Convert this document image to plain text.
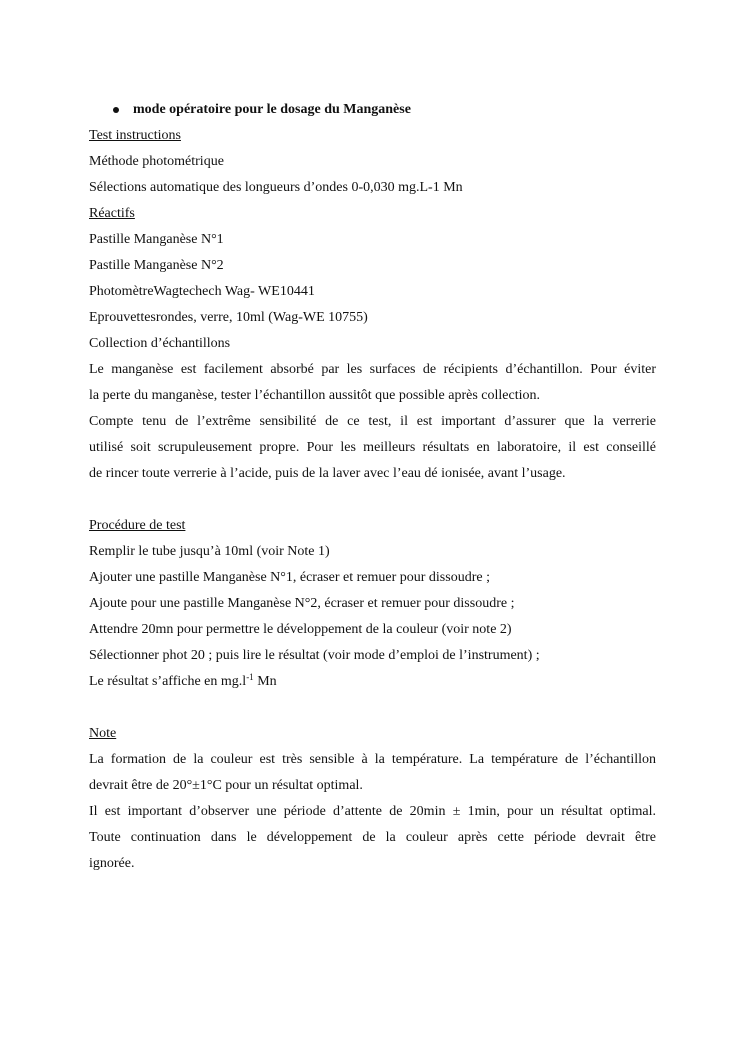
mode opératoire pour le dosage du Manganèse
Test instructions
Méthode photométrique
Sélections automatique des longueurs d’ondes 0-0,030 mg.L-1 Mn
Réactifs
Pastille Manganèse N°1
Pastille Manganèse N°2
PhotomètreWagtechech Wag- WE10441
Eprouvettesrondes, verre, 10ml (Wag-WE 10755)
Collection d’échantillons
Le manganèse est facilement absorbé par les surfaces de récipients d’échantillon. Pour éviter
la perte du manganèse, tester l’échantillon aussitôt que possible après collection.
Compte tenu de l’extrême sensibilité de ce test, il est important d’assurer que la verrerie
utilisé soit scrupuleusement propre. Pour les meilleurs résultats en laboratoire, il est conseillé
de rincer toute verrerie à l’acide, puis de la laver avec l’eau dé ionisée, avant l’usage.
Procédure de test
Remplir le tube jusqu’à 10ml (voir Note 1)
Ajouter une pastille Manganèse N°1, écraser et remuer pour dissoudre ;
Ajoute pour une pastille Manganèse N°2, écraser et remuer pour dissoudre ;
Attendre 20mn pour permettre le développement de la couleur (voir note 2)
Sélectionner phot 20 ; puis lire le résultat (voir mode d’emploi de l’instrument) ;
Le résultat s’affiche en $mg.l^{-1}$ Mn
Note
La formation de la couleur est très sensible à la température. La température de l’échantillon
devrait être de 20°±1°C pour un résultat optimal.
Il est important d’observer une période d’attente de 20min ± 1min, pour un résultat optimal.
Toute continuation dans le développement de la couleur après cette période devrait être
ignorée.
